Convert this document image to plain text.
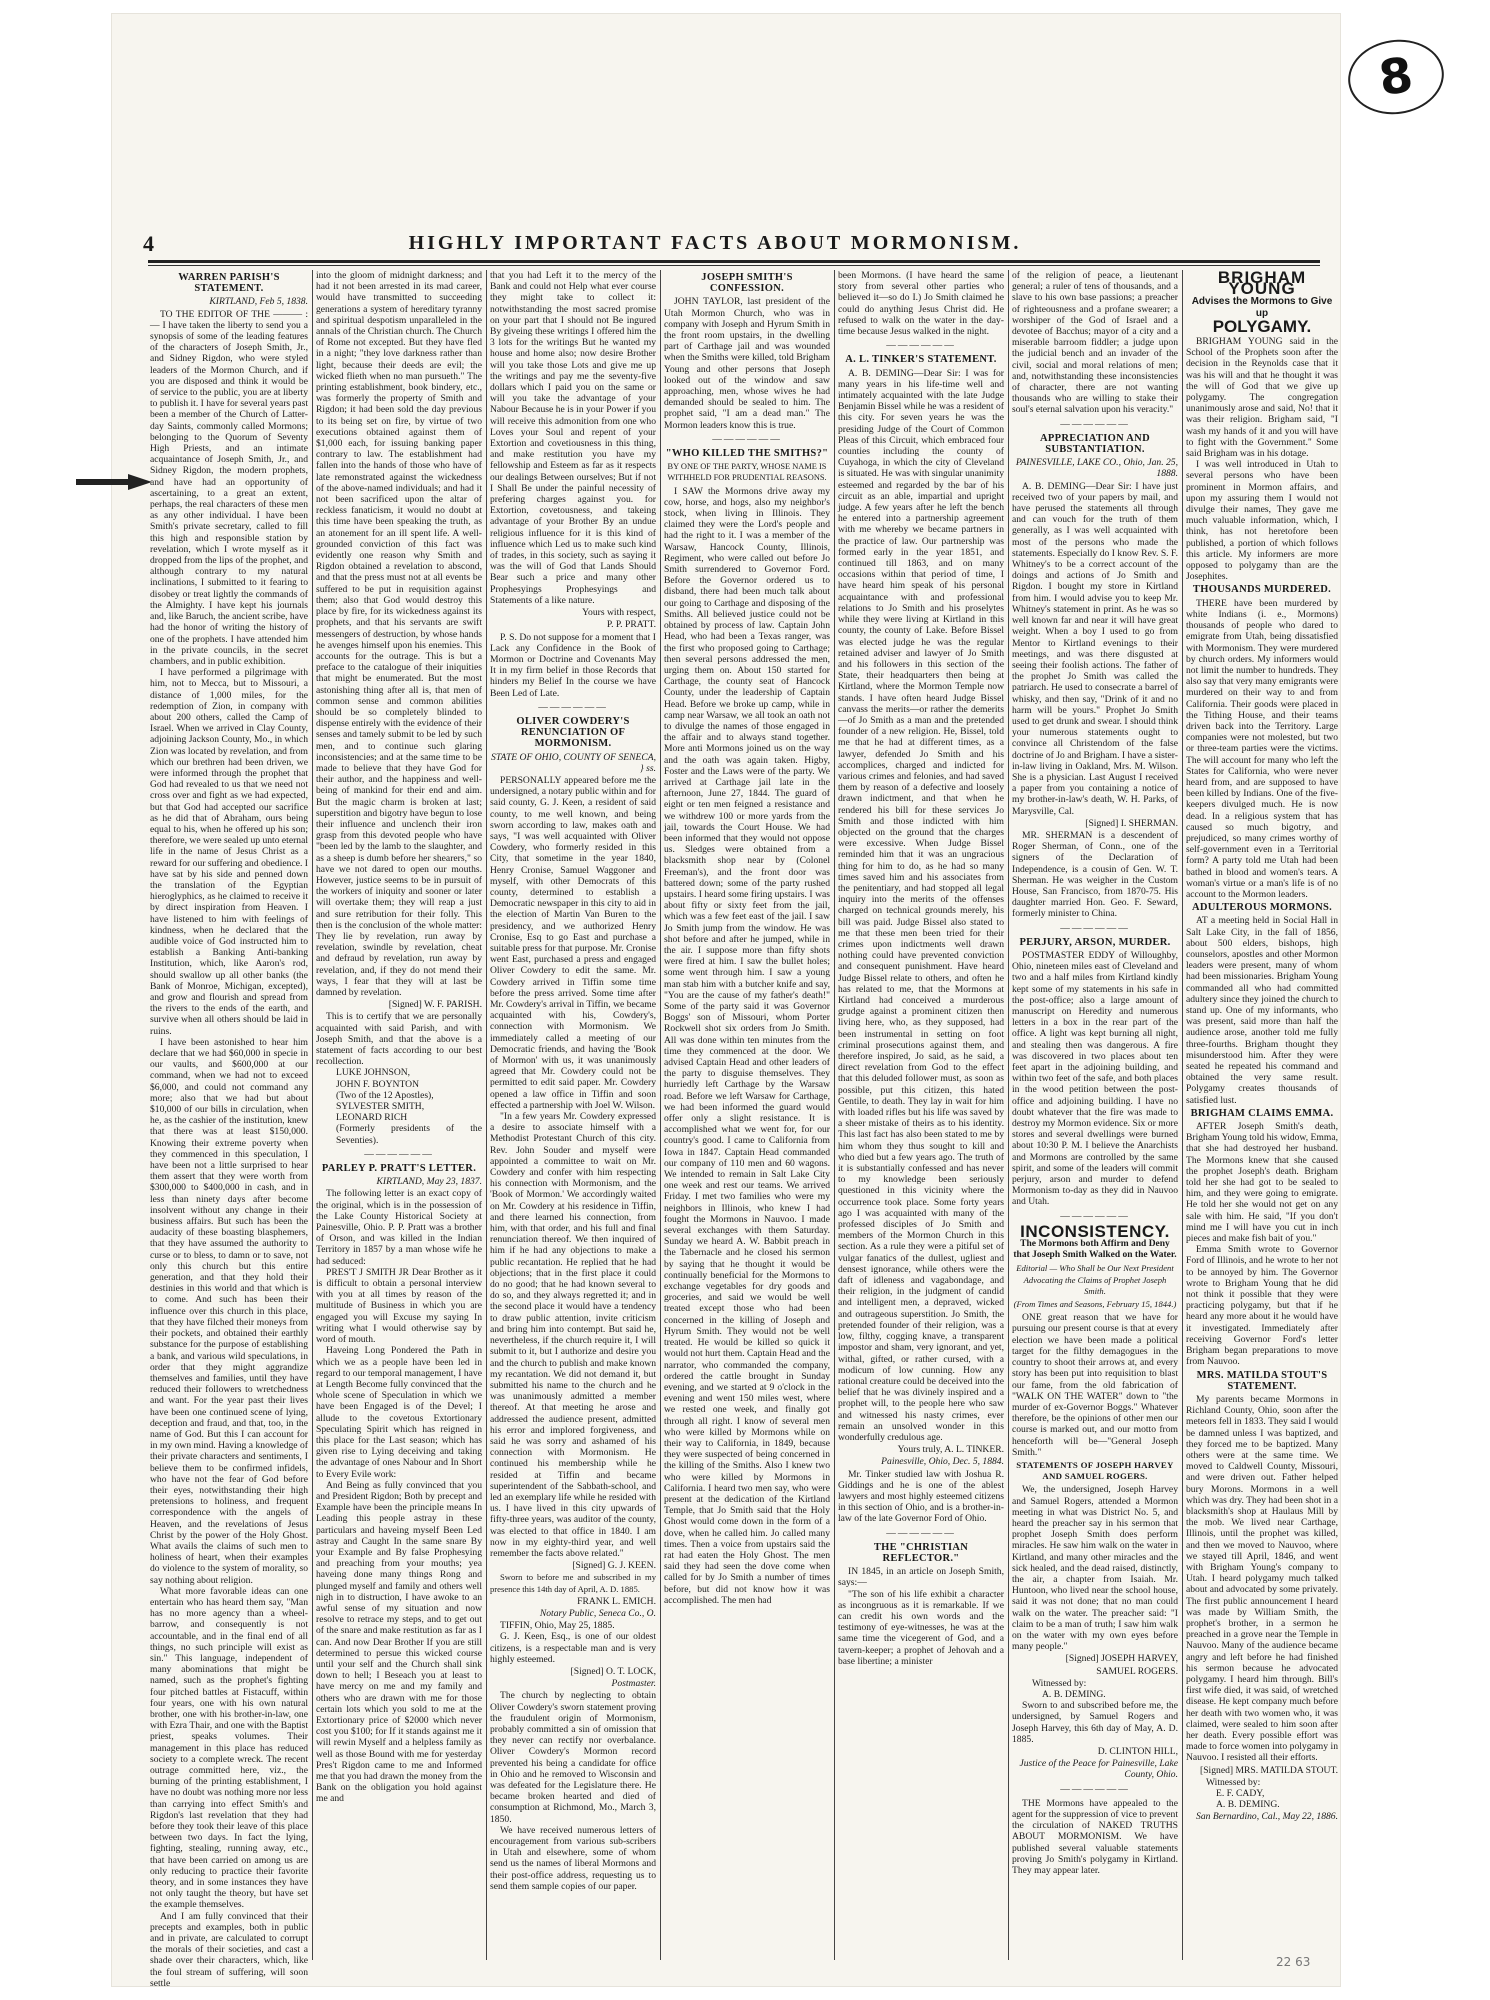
8
4	HIGHLY IMPORTANT FACTS ABOUT MORMONISM.
WARREN PARISH'S STATEMENT.
KIRTLAND, Feb 5, 1838.

TO THE EDITOR OF THE ——— :— I have taken the liberty to send you a synopsis of some of the leading features of the characters of Joseph Smith, Jr., and Sidney Rigdon, who were styled leaders of the Mormon Church, and if you are disposed and think it would be of service to the public, you are at liberty to publish it. I have for several years past been a member of the Church of Latter-day Saints, commonly called Mormons; belonging to the Quorum of Seventy High Priests, and an intimate acquaintance of Joseph Smith, Jr., and Sidney Rigdon, the modern prophets, and have had an opportunity of ascertaining, to a great an extent, perhaps, the real characters of these men as any other individual. I have been Smith's private secretary, called to fill this high and responsible station by revelation, which I wrote myself as it dropped from the lips of the prophet, and although contrary to my natural inclinations, I submitted to it fearing to disobey or treat lightly the commands of the Almighty. I have kept his journals and, like Baruch, the ancient scribe, have had the honor of writing the history of one of the prophets. I have attended him in the private councils, in the secret chambers, and in public exhibition.

I have performed a pilgrimage with him, not to Mecca, but to Missouri, a distance of 1,000 miles, for the redemption of Zion, in company with about 200 others, called the Camp of Israel. When we arrived in Clay County, adjoining Jackson County, Mo., in which Zion was located by revelation, and from which our brethren had been driven, we were informed through the prophet that God had revealed to us that we need not cross over and fight as we had expected, but that God had accepted our sacrifice as he did that of Abraham, ours being equal to his, when he offered up his son; therefore, we were sealed up unto eternal life in the name of Jesus Christ as a reward for our suffering and obedience. I have sat by his side and penned down the translation of the Egyptian hieroglyphics, as he claimed to receive it by direct inspiration from Heaven. I have listened to him with feelings of kindness, when he declared that the audible voice of God instructed him to establish a Banking Anti-banking Institution, which, like Aaron's rod, should swallow up all other banks (the Bank of Monroe, Michigan, excepted), and grow and flourish and spread from the rivers to the ends of the earth, and survive when all others should be laid in ruins.

I have been astonished to hear him declare that we had $60,000 in specie in our vaults, and $600,000 at our command, when we had not to exceed $6,000, and could not command any more; also that we had but about $10,000 of our bills in circulation, when he, as the cashier of the institution, knew that there was at least $150,000. Knowing their extreme poverty when they commenced in this speculation, I have been not a little surprised to hear them assert that they were worth from $300,000 to $400,000 in cash, and in less than ninety days after become insolvent without any change in their business affairs. But such has been the audacity of these boasting blasphemers, that they have assumed the authority to curse or to bless, to damn or to save, not only this church but this entire generation, and that they hold their destinies in this world and that which is to come. And such has been their influence over this church in this place, that they have filched their moneys from their pockets, and obtained their earthly substance for the purpose of establishing a bank, and various wild speculations, in order that they might aggrandize themselves and families, until they have reduced their followers to wretchedness and want. For the year past their lives have been one continued scene of lying, deception and fraud, and that, too, in the name of God. But this I can account for in my own mind. Having a knowledge of their private characters and sentiments, I believe them to be confirmed infidels, who have not the fear of God before their eyes, notwithstanding their high pretensions to holiness, and frequent correspondence with the angels of Heaven, and the revelations of Jesus Christ by the power of the Holy Ghost. What avails the claims of such men to holiness of heart, when their examples do violence to the system of morality, so say nothing about religion.

What more favorable ideas can one entertain who has heard them say, "Man has no more agency than a wheel-barrow, and consequently is not accountable, and in the final end of all things, no such principle will exist as sin." This language, independent of many abominations that might be named, such as the prophet's fighting four pitched battles at Fistacuff, within four years, one with his own natural brother, one with his brother-in-law, one with Ezra Thair, and one with the Baptist priest, speaks volumes. Their management in this place has reduced society to a complete wreck. The recent outrage committed here, viz., the burning of the printing establishment, I have no doubt was nothing more nor less than carrying into effect Smith's and Rigdon's last revelation that they had before they took their leave of this place between two days. In fact the lying, fighting, stealing, running away, etc., that have been carried on among us are only reducing to practice their favorite theory, and in some instances they have not only taught the theory, but have set the example themselves.

And I am fully convinced that their precepts and examples, both in public and in private, are calculated to corrupt the morals of their societies, and cast a shade over their characters, which, like the foul stream of suffering, will soon settle

into the gloom of midnight darkness; and had it not been arrested in its mad career, would have transmitted to succeeding generations a system of hereditary tyranny and spiritual despotism unparalleled in the annals of the Christian church. The Church of Rome not excepted. But they have fled in a night; "they love darkness rather than light, because their deeds are evil; the wicked flieth when no man pursueth." The printing establishment, book bindery, etc., was formerly the property of Smith and Rigdon; it had been sold the day previous to its being set on fire, by virtue of two executions obtained against them of $1,000 each, for issuing banking paper contrary to law. The establishment had fallen into the hands of those who have of late remonstrated against the wickedness of the above-named individuals; and had it not been sacrificed upon the altar of reckless fanaticism, it would no doubt at this time have been speaking the truth, as an atonement for an ill spent life. A well-grounded conviction of this fact was evidently one reason why Smith and Rigdon obtained a revelation to abscond, and that the press must not at all events be suffered to be put in requisition against them; also that God would destroy this place by fire, for its wickedness against its prophets, and that his servants are swift messengers of destruction, by whose hands he avenges himself upon his enemies. This accounts for the outrage. This is but a preface to the catalogue of their iniquities that might be enumerated. But the most astonishing thing after all is, that men of common sense and common abilities should be so completely blinded to dispense entirely with the evidence of their senses and tamely submit to be led by such men, and to continue such glaring inconsistencies; and at the same time to be made to believe that they have God for their author, and the happiness and well-being of mankind for their end and aim. But the magic charm is broken at last; superstition and bigotry have begun to lose their influence and unclench their iron grasp from this devoted people who have "been led by the lamb to the slaughter, and as a sheep is dumb before her shearers," so have we not dared to open our mouths. However, justice seems to be in pursuit of the workers of iniquity and sooner or later will overtake them; they will reap a just and sure retribution for their folly. This then is the conclusion of the whole matter: They lie by revelation, run away by revelation, swindle by revelation, cheat and defraud by revelation, run away by revelation, and, if they do not mend their ways, I fear that they will at last be damned by revelation.

[Signed] W. F. PARISH.

This is to certify that we are personally acquainted with said Parish, and with Joseph Smith, and that the above is a statement of facts according to our best recollection.

LUKE JOHNSON,
JOHN F. BOYNTON
(Two of the 12 Apostles),
SYLVESTER SMITH,
LEONARD RICH
(Formerly presidents of the Seventies).
——————
PARLEY P. PRATT'S LETTER.
KIRTLAND, May 23, 1837.

The following letter is an exact copy of the original, which is in the possession of the Lake County Historical Society at Painesville, Ohio. P. P. Pratt was a brother of Orson, and was killed in the Indian Territory in 1857 by a man whose wife he had seduced:

PRES'T J SMITH JR Dear Brother as it is difficult to obtain a personal interview with you at all times by reason of the multitude of Business in which you are engaged you will Excuse my saying In writing what I would otherwise say by word of mouth.

Haveing Long Pondered the Path in which we as a people have been led in regard to our temporal management, I have at Length Become fully convinced that the whole scene of Speculation in which we have been Engaged is of the Devel; I allude to the covetous Extortionary Speculating Spirit which has reigned in this place for the Last season; which has given rise to Lying deceiving and taking the advantage of ones Nabour and In Short to Every Evile work:

And Being as fully convinced that you and President Rigdon; Both by precept and Example have been the principle means In Leading this people astray in these particulars and haveing myself Been Led astray and Caught In the same snare By your Example and By false Prophesying and preaching from your mouths; yea haveing done many things Rong and plunged myself and family and others well nigh in to distruction, I have awoke to an awful sense of my situation and now resolve to retrace my steps, and to get out of the snare and make restitution as far as I can. And now Dear Brother If you are still determined to persue this wicked course until your self and the Church shall sink down to hell; I Beseach you at least to have mercy on me and my family and others who are drawn with me for those certain lots which you sold to me at the Extortionary price of $2000 which never cost you $100; for If it stands against me it will rewin Myself and a helpless family as well as those Bound with me for yesterday Pres't Rigdon came to me and Informed me that you had drawn the money from the Bank on the obligation you hold against me and

that you had Left it to the mercy of the Bank and could not Help what ever course they might take to collect it: notwithstanding the most sacred promise on your part that I should not Be ingured By giveing these writings I offered him the 3 lots for the writings But he wanted my house and home also; now desire Brother will you take those Lots and give me up the writings and pay me the seventy-five dollars which I paid you on the same or will you take the advantage of your Nabour Because he is in your Power if you will receive this admonition from one who Loves your Soul and repent of your Extortion and covetiousness in this thing, and make restitution you have my fellowship and Esteem as far as it respects our dealings Between ourselves; But if not I Shall Be under the painful necessity of prefering charges against you. for Extortion, covetousness, and takeing advantage of your Brother By an undue religious influence for it is this kind of influence which Led us to make such kind of trades, in this society, such as saying it was the will of God that Lands Should Bear such a price and many other Prophesyings Prophesyings and Statements of a like nature.

Yours with respect,
P. P. PRATT.

P. S. Do not suppose for a moment that I Lack any Confidence in the Book of Mormon or Doctrine and Covenants May It in my firm belief in those Records that hinders my Belief In the course we have Been Led of Late.

——————
OLIVER COWDERY'S RENUNCIATION OF MORMONISM.
STATE OF OHIO, COUNTY OF SENECA, } ss.

PERSONALLY appeared before me the undersigned, a notary public within and for said county, G. J. Keen, a resident of said county, to me well known, and being sworn according to law, makes oath and says, "I was well acquainted with Oliver Cowdery, who formerly resided in this City, that sometime in the year 1840, Henry Cronise, Samuel Waggoner and myself, with other Democrats of this county, determined to establish a Democratic newspaper in this city to aid in the election of Martin Van Buren to the presidency, and we authorized Henry Cronise, Esq to go East and purchase a suitable press for that purpose. Mr. Cronise went East, purchased a press and engaged Oliver Cowdery to edit the same. Mr. Cowdery arrived in Tiffin some time before the press arrived. Some time after Mr. Cowdery's arrival in Tiffin, we became acquainted with his, Cowdery's, connection with Mormonism. We immediately called a meeting of our Democratic friends, and having the 'Book of Mormon' with us, it was unanimously agreed that Mr. Cowdery could not be permitted to edit said paper. Mr. Cowdery opened a law office in Tiffin and soon effected a partnership with Joel W. Wilson.

"In a few years Mr. Cowdery expressed a desire to associate himself with a Methodist Protestant Church of this city. Rev. John Souder and myself were appointed a committee to wait on Mr. Cowdery and confer with him respecting his connection with Mormonism, and the 'Book of Mormon.' We accordingly waited on Mr. Cowdery at his residence in Tiffin, and there learned his connection, from him, with that order, and his full and final renunciation thereof. We then inquired of him if he had any objections to make a public recantation. He replied that he had objections; that in the first place it could do no good; that he had known several to do so, and they always regretted it; and in the second place it would have a tendency to draw public attention, invite criticism and bring him into contempt. But said he, nevertheless, if the church require it, I will submit to it, but I authorize and desire you and the church to publish and make known my recantation. We did not demand it, but submitted his name to the church and he was unanimously admitted a member thereof. At that meeting he arose and addressed the audience present, admitted his error and implored forgiveness, and said he was sorry and ashamed of his connection with Mormonism. He continued his membership while he resided at Tiffin and became superintendent of the Sabbath-school, and led an exemplary life while he resided with us. I have lived in this city upwards of fifty-three years, was auditor of the county, was elected to that office in 1840. I am now in my eighty-third year, and well remember the facts above related."

[Signed] G. J. KEEN.

Sworn to before me and subscribed in my presence this 14th day of April, A. D. 1885.

FRANK L. EMICH.
Notary Public, Seneca Co., O.

TIFFIN, Ohio, May 25, 1885.

G. J. Keen, Esq., is one of our oldest citizens, is a respectable man and is very highly esteemed.

[Signed] O. T. LOCK,
Postmaster.

The church by neglecting to obtain Oliver Cowdery's sworn statement proving the fraudulent origin of Mormonism, probably committed a sin of omission that they never can rectify nor overbalance. Oliver Cowdery's Mormon record prevented his being a candidate for office in Ohio and he removed to Wisconsin and was defeated for the Legislature there. He became broken hearted and died of consumption at Richmond, Mo., March 3, 1850.

We have received numerous letters of encouragement from various sub-scribers in Utah and elsewhere, some of whom send us the names of liberal Mormons and their post-office address, requesting us to send them sample copies of our paper.

JOSEPH SMITH'S CONFESSION.

JOHN TAYLOR, last president of the Utah Mormon Church, who was in company with Joseph and Hyrum Smith in the front room upstairs, in the dwelling part of Carthage jail and was wounded when the Smiths were killed, told Brigham Young and other persons that Joseph looked out of the window and saw approaching, men, whose wives he had demanded should be sealed to him. The prophet said, "I am a dead man." The Mormon leaders know this is true.

——————
"WHO KILLED THE SMITHS?"
BY ONE OF THE PARTY, WHOSE NAME IS WITHHELD FOR PRUDENTIAL REASONS.

I SAW the Mormons drive away my cow, horse, and hogs, also my neighbor's stock, when living in Illinois. They claimed they were the Lord's people and had the right to it. I was a member of the Warsaw, Hancock County, Illinois, Regiment, who were called out before Jo Smith surrendered to Governor Ford. Before the Governor ordered us to disband, there had been much talk about our going to Carthage and disposing of the Smiths. All believed justice could not be obtained by process of law. Captain John Head, who had been a Texas ranger, was the first who proposed going to Carthage; then several persons addressed the men, urging them on. About 150 started for Carthage, the county seat of Hancock County, under the leadership of Captain Head. Before we broke up camp, while in camp near Warsaw, we all took an oath not to divulge the names of those engaged in the affair and to always stand together. More anti Mormons joined us on the way and the oath was again taken. Higby, Foster and the Laws were of the party. We arrived at Carthage jail late in the afternoon, June 27, 1844. The guard of eight or ten men feigned a resistance and we withdrew 100 or more yards from the jail, towards the Court House. We had been informed that they would not oppose us. Sledges were obtained from a blacksmith shop near by (Colonel Freeman's), and the front door was battered down; some of the party rushed upstairs. I heard some firing upstairs. I was about fifty or sixty feet from the jail, which was a few feet east of the jail. I saw Jo Smith jump from the window. He was shot before and after he jumped, while in the air. I suppose more than fifty shots were fired at him. I saw the bullet holes; some went through him. I saw a young man stab him with a butcher knife and say, "You are the cause of my father's death!" Some of the party said it was Governor Boggs' son of Missouri, whom Porter Rockwell shot six orders from Jo Smith. All was done within ten minutes from the time they commenced at the door. We advised Captain Head and other leaders of the party to disguise themselves. They hurriedly left Carthage by the Warsaw road. Before we left Warsaw for Carthage, we had been informed the guard would offer only a slight resistance. It is accomplished what we went for, for our country's good. I came to California from Iowa in 1847. Captain Head commanded our company of 110 men and 60 wagons. We intended to remain in Salt Lake City one week and rest our teams. We arrived Friday. I met two families who were my neighbors in Illinois, who knew I had fought the Mormons in Nauvoo. I made several exchanges with them Saturday. Sunday we heard A. W. Babbit preach in the Tabernacle and he closed his sermon by saying that he thought it would be continually beneficial for the Mormons to exchange vegetables for dry goods and groceries, and said we would be well treated except those who had been concerned in the killing of Joseph and Hyrum Smith. They would not be well treated. He would be killed so quick it would not hurt them. Captain Head and the narrator, who commanded the company, ordered the cattle brought in Sunday evening, and we started at 9 o'clock in the evening and went 150 miles west, where we rested one week, and finally got through all right. I know of several men who were killed by Mormons while on their way to California, in 1849, because they were suspected of being concerned in the killing of the Smiths. Also I knew two who were killed by Mormons in California. I heard two men say, who were present at the dedication of the Kirtland Temple, that Jo Smith said that the Holy Ghost would come down in the form of a dove, when he called him. Jo called many times. Then a voice from upstairs said the rat had eaten the Holy Ghost. The men said they had seen the dove come when called for by Jo Smith a number of times before, but did not know how it was accomplished. The men had

been Mormons. (I have heard the same story from several other parties who believed it—so do I.) Jo Smith claimed he could do anything Jesus Christ did. He refused to walk on the water in the day-time because Jesus walked in the night.

——————
A. L. TINKER'S STATEMENT.

A. B. DEMING—Dear Sir: I was for many years in his life-time well and intimately acquainted with the late Judge Benjamin Bissel while he was a resident of this city. For seven years he was the presiding Judge of the Court of Common Pleas of this Circuit, which embraced four counties including the county of Cuyahoga, in which the city of Cleveland is situated. He was with singular unanimity esteemed and regarded by the bar of his circuit as an able, impartial and upright judge. A few years after he left the bench he entered into a partnership agreement with me whereby we became partners in the practice of law. Our partnership was formed early in the year 1851, and continued till 1863, and on many occasions within that period of time, I have heard him speak of his personal acquaintance with and professional relations to Jo Smith and his proselytes while they were living at Kirtland in this county, the county of Lake. Before Bissel was elected judge he was the regular retained adviser and lawyer of Jo Smith and his followers in this section of the State, their headquarters then being at Kirtland, where the Mormon Temple now stands. I have often heard Judge Bissel canvass the merits—or rather the demerits—of Jo Smith as a man and the pretended founder of a new religion. He, Bissel, told me that he had at different times, as a lawyer, defended Jo Smith and his accomplices, charged and indicted for various crimes and felonies, and had saved them by reason of a defective and loosely drawn indictment, and that when he rendered his bill for these services Jo Smith and those indicted with him objected on the ground that the charges were excessive. When Judge Bissel reminded him that it was an ungracious thing for him to do, as he had so many times saved him and his associates from the penitentiary, and had stopped all legal inquiry into the merits of the offenses charged on technical grounds merely, his bill was paid. Judge Bissel also stated to me that these men been tried for their crimes upon indictments well drawn nothing could have prevented conviction and consequent punishment. Have heard Judge Bissel relate to others, and often he has related to me, that the Mormons at Kirtland had conceived a murderous grudge against a prominent citizen then living here, who, as they supposed, had been instrumental in setting on foot criminal prosecutions against them, and therefore inspired, Jo said, as he said, a direct revelation from God to the effect that this deluded follower must, as soon as possible, put this citizen, this hated Gentile, to death. They lay in wait for him with loaded rifles but his life was saved by a sheer mistake of theirs as to his identity. This last fact has also been stated to me by him whom they thus sought to kill and who died but a few years ago. The truth of it is substantially confessed and has never to my knowledge been seriously questioned in this vicinity where the occurrence took place. Some forty years ago I was acquainted with many of the professed disciples of Jo Smith and members of the Mormon Church in this section. As a rule they were a pitiful set of vulgar fanatics of the dullest, ugliest and densest ignorance, while others were the daft of idleness and vagabondage, and their religion, in the judgment of candid and intelligent men, a depraved, wicked and outrageous superstition. Jo Smith, the pretended founder of their religion, was a low, filthy, cogging knave, a transparent impostor and sham, very ignorant, and yet, withal, gifted, or rather cursed, with a modicum of low cunning. How any rational creature could be deceived into the belief that he was divinely inspired and a prophet will, to the people here who saw and witnessed his nasty crimes, ever remain an unsolved wonder in this wonderfully credulous age.

Yours truly, A. L. TINKER.
Painesville, Ohio, Dec. 5, 1884.

Mr. Tinker studied law with Joshua R. Giddings and he is one of the ablest lawyers and most highly esteemed citizens in this section of Ohio, and is a brother-in-law of the late Governor Ford of Ohio.

——————
THE "CHRISTIAN REFLECTOR."

IN 1845, in an article on Joseph Smith, says:—

"The son of his life exhibit a character as incongruous as it is remarkable. If we can credit his own words and the testimony of eye-witnesses, he was at the same time the vicegerent of God, and a tavern-keeper; a prophet of Jehovah and a base libertine; a minister

of the religion of peace, a lieutenant general; a ruler of tens of thousands, and a slave to his own base passions; a preacher of righteousness and a profane swearer; a worshiper of the God of Israel and a devotee of Bacchus; mayor of a city and a miserable barroom fiddler; a judge upon the judicial bench and an invader of the civil, social and moral relations of men; and, notwithstanding these inconsistencies of character, there are not wanting thousands who are willing to stake their soul's eternal salvation upon his veracity."

——————
APPRECIATION AND SUBSTANTIATION.
PAINESVILLE, LAKE CO., Ohio, Jan. 25, 1888.

A. B. DEMING—Dear Sir: I have just received two of your papers by mail, and have perused the statements all through and can vouch for the truth of them generally, as I was well acquainted with most of the persons who made the statements. Especially do I know Rev. S. F. Whitney's to be a correct account of the doings and actions of Jo Smith and Rigdon. I bought my store in Kirtland from him. I would advise you to keep Mr. Whitney's statement in print. As he was so well known far and near it will have great weight. When a boy I used to go from Mentor to Kirtland evenings to their meetings, and was there disgusted at seeing their foolish actions. The father of the prophet Jo Smith was called the patriarch. He used to consecrate a barrel of whisky, and then say, "Drink of it and no harm will be yours." Prophet Jo Smith used to get drunk and swear. I should think your numerous statements ought to convince all Christendom of the false doctrine of Jo and Brigham. I have a sister-in-law living in Oakland, Mrs. M. Wilson. She is a physician. Last August I received a paper from you containing a notice of my brother-in-law's death, W. H. Parks, of Marysville, Cal.

[Signed] I. SHERMAN.

MR. SHERMAN is a descendent of Roger Sherman, of Conn., one of the signers of the Declaration of Independence, is a cousin of Gen. W. T. Sherman. He was weigher in the Custom House, San Francisco, from 1870-75. His daughter married Hon. Geo. F. Seward, formerly minister to China.

——————
PERJURY, ARSON, MURDER.

POSTMASTER EDDY of Willoughby, Ohio, nineteen miles east of Cleveland and two and a half miles from Kirtland kindly kept some of my statements in his safe in the post-office; also a large amount of manuscript on Heredity and numerous letters in a box in the rear part of the office. A light was kept burning all night, and stealing then was dangerous. A fire was discovered in two places about ten feet apart in the adjoining building, and within two feet of the safe, and both places in the wood petition between the post-office and adjoining building. I have no doubt whatever that the fire was made to destroy my Mormon evidence. Six or more stores and several dwellings were burned about 10:30 P. M. I believe the Anarchists and Mormons are controlled by the same spirit, and some of the leaders will commit perjury, arson and murder to defend Mormonism to-day as they did in Nauvoo and Utah.

——————
INCONSISTENCY.
The Mormons both Affirm and Deny that Joseph Smith Walked on the Water.
Editorial — Who Shall be Our Next President Advocating the Claims of Prophet Joseph Smith.
(From Times and Seasons, February 15, 1844.)

ONE great reason that we have for pursuing our present course is that at every election we have been made a political target for the filthy demagogues in the country to shoot their arrows at, and every story has been put into requisition to blast our fame, from the old fabrication of "WALK ON THE WATER" down to "the murder of ex-Governor Boggs." Whatever therefore, be the opinions of other men our course is marked out, and our motto from henceforth will be—"General Joseph Smith."

STATEMENTS OF JOSEPH HARVEY AND SAMUEL ROGERS.

We, the undersigned, Joseph Harvey and Samuel Rogers, attended a Mormon meeting in what was District No. 5, and heard the preacher say in his sermon that prophet Joseph Smith does perform miracles. He saw him walk on the water in Kirtland, and many other miracles and the sick healed, and the dead raised, distinctly, the air, a chapter from Isaiah. Mr. Huntoon, who lived near the school house, said it was not done; that no man could walk on the water. The preacher said: "I claim to be a man of truth; I saw him walk on the water with my own eyes before many people."

[Signed] JOSEPH HARVEY,
SAMUEL ROGERS.
Witnessed by:
A. B. DEMING.

Sworn to and subscribed before me, the undersigned, by Samuel Rogers and Joseph Harvey, this 6th day of May, A. D. 1885.

D. CLINTON HILL,
Justice of the Peace for Painesville, Lake County, Ohio.
——————

THE Mormons have appealed to the agent for the suppression of vice to prevent the circulation of NAKED TRUTHS ABOUT MORMONISM. We have published several valuable statements proving Jo Smith's polygamy in Kirtland. They may appear later.

BRIGHAM YOUNG
Advises the Mormons to Give up
POLYGAMY.

BRIGHAM YOUNG said in the School of the Prophets soon after the decision in the Reynolds case that it was his will and that he thought it was the will of God that we give up polygamy. The congregation unanimously arose and said, No! that it was their religion. Brigham said, "I wash my hands of it and you will have to fight with the Government." Some said Brigham was in his dotage.

I was well introduced in Utah to several persons who have been prominent in Mormon affairs, and upon my assuring them I would not divulge their names, They gave me much valuable information, which, I think, has not heretofore been published, a portion of which follows this article. My informers are more opposed to polygamy than are the Josephites.

THOUSANDS MURDERED.

THERE have been murdered by white Indians (i. e., Mormons) thousands of people who dared to emigrate from Utah, being dissatisfied with Mormonism. They were murdered by church orders. My informers would not limit the number to hundreds. They also say that very many emigrants were murdered on their way to and from California. Their goods were placed in the Tithing House, and their teams driven back into the Territory. Large companies were not molested, but two or three-team parties were the victims. The will account for many who left the States for California, who were never heard from, and are supposed to have been killed by Indians. One of the five-keepers divulged much. He is now dead. In a religious system that has caused so much bigotry, and prejudiced, so many crimes worthy of self-government even in a Territorial form? A party told me Utah had been bathed in blood and women's tears. A woman's virtue or a man's life is of no account to the Mormon leaders.

ADULTEROUS MORMONS.

AT a meeting held in Social Hall in Salt Lake City, in the fall of 1856, about 500 elders, bishops, high counselors, apostles and other Mormon leaders were present, many of whom had been missionaries. Brigham Young commanded all who had committed adultery since they joined the church to stand up. One of my informants, who was present, said more than half the audience arose, another told me fully three-fourths. Brigham thought they misunderstood him. After they were seated he repeated his command and obtained the very same result. Polygamy creates thousands of satisfied lust.

BRIGHAM CLAIMS EMMA.

AFTER Joseph Smith's death, Brigham Young told his widow, Emma, that she had destroyed her husband. The Mormons knew that she caused the prophet Joseph's death. Brigham told her she had got to be sealed to him, and they were going to emigrate. He told her she would not get on any sale with him. He said, "If you don't mind me I will have you cut in inch pieces and make fish bait of you."

Emma Smith wrote to Governor Ford of Illinois, and he wrote to her not to be annoyed by him. The Governor wrote to Brigham Young that he did not think it possible that they were practicing polygamy, but that if he heard any more about it he would have it investigated. Immediately after receiving Governor Ford's letter Brigham began preparations to move from Nauvoo.

MRS. MATILDA STOUT'S STATEMENT.

My parents became Mormons in Richland County, Ohio, soon after the meteors fell in 1833. They said I would be damned unless I was baptized, and they forced me to be baptized. Many others were at the same time. We moved to Caldwell County, Missouri, and were driven out. Father helped bury Morons. Mormons in a well which was dry. They had been shot in a blacksmith's shop at Haulaus Mill by the mob. We lived near Carthage, Illinois, until the prophet was killed, and then we moved to Nauvoo, where we stayed till April, 1846, and went with Brigham Young's company to Utah. I heard polygamy much talked about and advocated by some privately. The first public announcement I heard was made by William Smith, the prophet's brother, in a sermon he preached in a grove near the Temple in Nauvoo. Many of the audience became angry and left before he had finished his sermon because he advocated polygamy. I heard him through. Bill's first wife died, it was said, of wretched disease. He kept company much before her death with two women who, it was claimed, were sealed to him soon after her death. Every possible effort was made to force women into polygamy in Nauvoo. I resisted all their efforts.

[Signed] MRS. MATILDA STOUT.
Witnessed by:
E. F. CADY,
A. B. DEMING.
San Bernardino, Cal., May 22, 1886.
22 63
